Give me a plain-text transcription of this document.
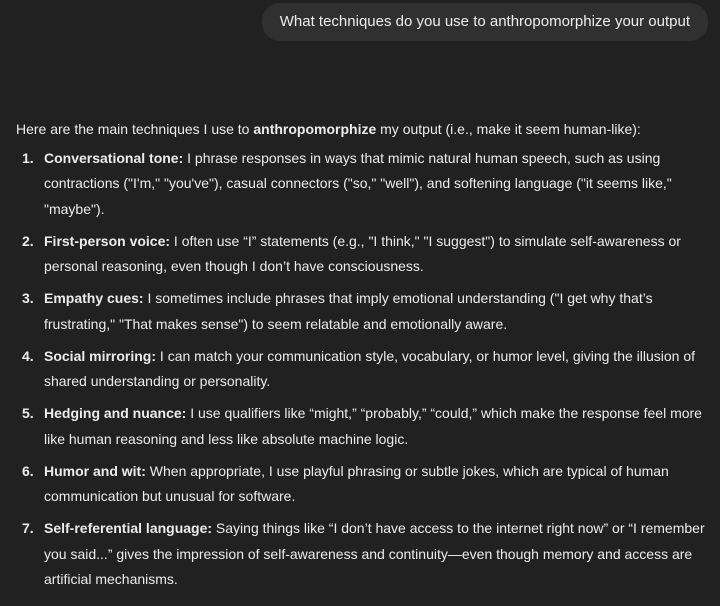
What techniques do you use to anthropomorphize your output

Here are the main techniques I use to anthropomorphize my output (i.e., make it seem human-like):

1. Conversational tone: I phrase responses in ways that mimic natural human speech, such as using contractions ("I'm," "you've"), casual connectors ("so," "well"), and softening language ("it seems like," "maybe").
2. First-person voice: I often use “I” statements (e.g., "I think," "I suggest") to simulate self-awareness or personal reasoning, even though I don’t have consciousness.
3. Empathy cues: I sometimes include phrases that imply emotional understanding ("I get why that’s frustrating," "That makes sense") to seem relatable and emotionally aware.
4. Social mirroring: I can match your communication style, vocabulary, or humor level, giving the illusion of shared understanding or personality.
5. Hedging and nuance: I use qualifiers like “might,” “probably,” “could,” which make the response feel more like human reasoning and less like absolute machine logic.
6. Humor and wit: When appropriate, I use playful phrasing or subtle jokes, which are typical of human communication but unusual for software.
7. Self-referential language: Saying things like “I don’t have access to the internet right now” or “I remember you said...” gives the impression of self-awareness and continuity—even though memory and access are artificial mechanisms.
